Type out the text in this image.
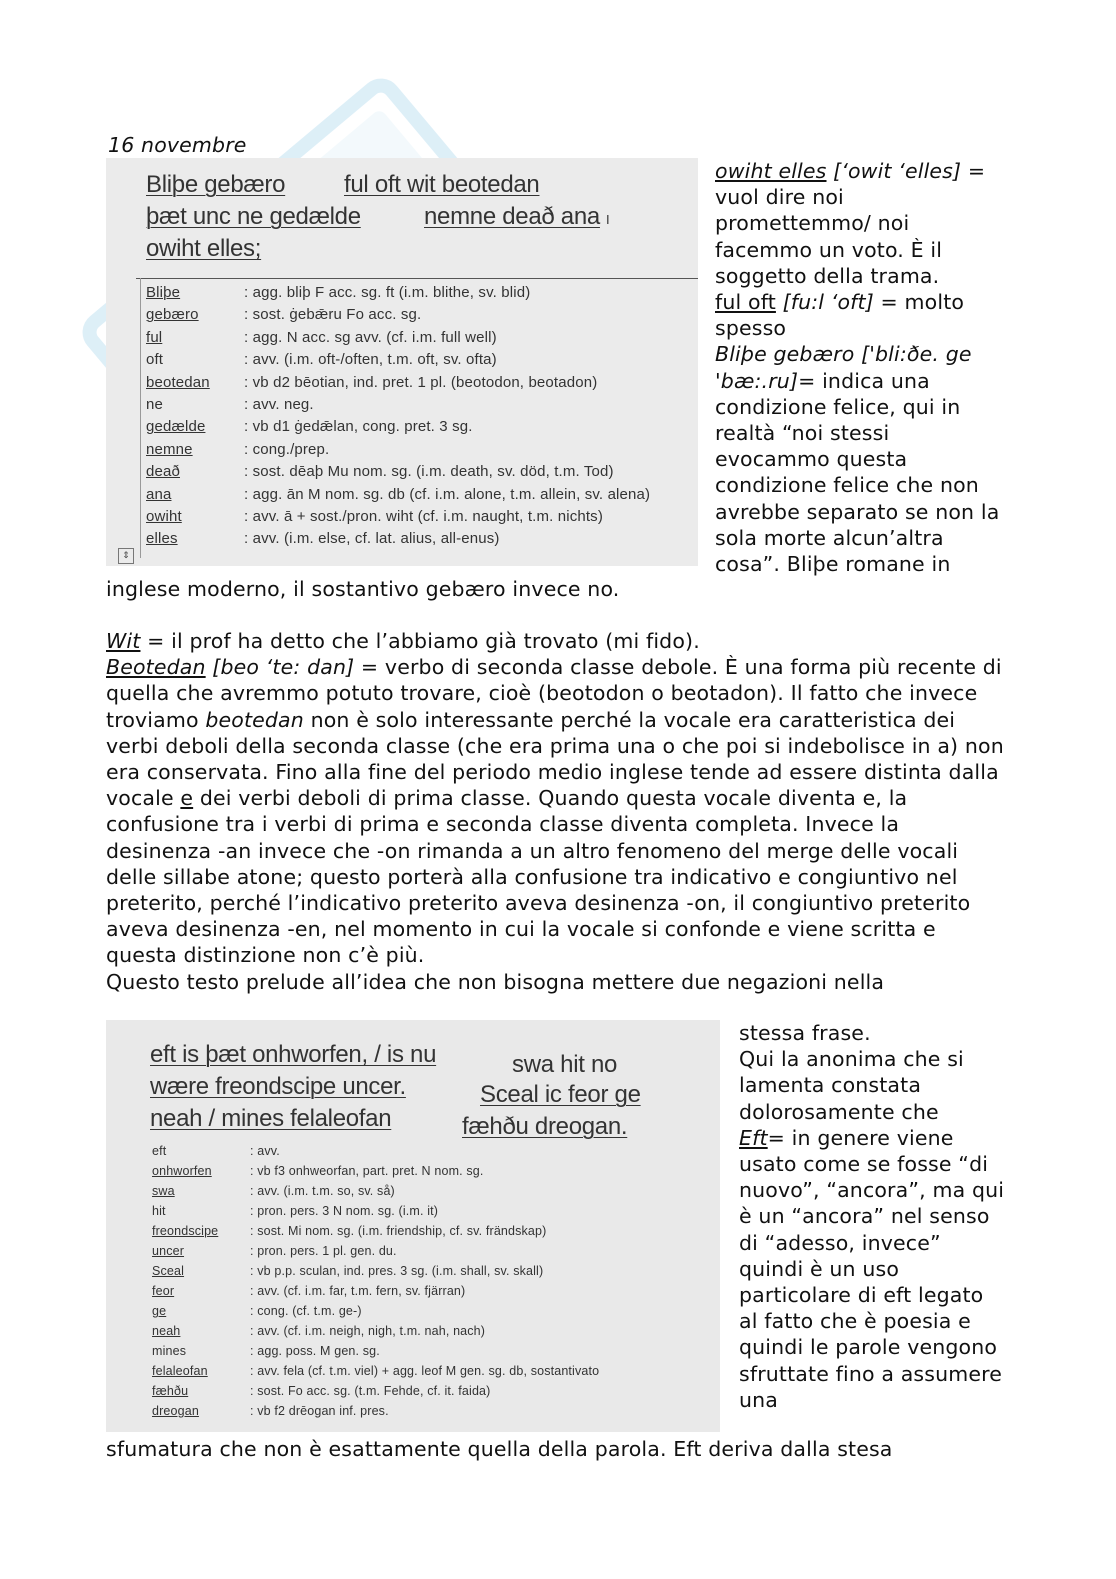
16 novembre
Bliþe gebæro ful oft wit beotedan
þæt unc ne gedælde	nemne deað ana I
owiht elles;
Bliþe	: agg. bliþ F acc. sg. ft (i.m. blithe, sv. blid)
gebæro	: sost. ġebǣru Fo acc. sg.
ful	: agg. N acc. sg avv. (cf. i.m. full well)
oft	: avv. (i.m. oft-/often, t.m. oft, sv. ofta)
beotedan : vb d2 bēotian, ind. pret. 1 pl. (beotodon, beotadon)
ne	: avv. neg.
gedælde	: vb d1 ġedǣlan, cong. pret. 3 sg.
nemne	: cong./prep.
deað	: sost. dēaþ Mu nom. sg. (i.m. death, sv. död, t.m. Tod)
ana	: agg. ān M nom. sg. db (cf. i.m. alone, t.m. allein, sv. alena)
owiht	: avv. ā + sost./pron. wiht (cf. i.m. naught, t.m. nichts)
elles	: avv. (i.m. else, cf. lat. alius, all-enus)
⇕

owiht elles [‘owit ‘elles] = vuol dire noi promettemmo/ noi facemmo un voto. È il soggetto della trama.

ful oft [fu:l ‘oft] = molto spesso

Bliþe gebæro ['bli:ðe. ge 'bæ:.ru]= indica una condizione felice, qui in realtà “noi stessi evocammo questa condizione felice che non avrebbe separato se non la sola morte alcun’altra cosa”. Bliþe romane in

inglese moderno, il sostantivo gebæro invece no.

Wit = il prof ha detto che l’abbiamo già trovato (mi fido).

Beotedan [beo ‘te: dan] = verbo di seconda classe debole. È una forma più recente di quella che avremmo potuto trovare, cioè (beotodon o beotadon). Il fatto che invece troviamo beotedan non è solo interessante perché la vocale era caratteristica dei verbi deboli della seconda classe (che era prima una o che poi si indebolisce in a) non era conservata. Fino alla fine del periodo medio inglese tende ad essere distinta dalla vocale e dei verbi deboli di prima classe. Quando questa vocale diventa e, la confusione tra i verbi di prima e seconda classe diventa completa. Invece la desinenza -an invece che -on rimanda a un altro fenomeno del merge delle vocali delle sillabe atone; questo porterà alla confusione tra indicativo e congiuntivo nel preterito, perché l’indicativo preterito aveva desinenza -on, il congiuntivo preterito aveva desinenza -en, nel momento in cui la vocale si confonde e viene scritta e questa distinzione non c’è più.

Questo testo prelude all’idea che non bisogna mettere due negazioni nella

eft is þæt onhworfen, / is nu	swa hit no
wære freondscipe uncer.	Sceal ic feor ge
neah / mines felaleofan	fæhðu dreogan.
eft	: avv.
onhworfen	: vb f3 onhweorfan, part. pret. N nom. sg.
swa	: avv. (i.m. t.m. so, sv. så)
hit	: pron. pers. 3 N nom. sg. (i.m. it)
freondscipe	: sost. Mi nom. sg. (i.m. friendship, cf. sv. frändskap)
uncer	: pron. pers. 1 pl. gen. du.
Sceal	: vb p.p. sculan, ind. pres. 3 sg. (i.m. shall, sv. skall)
feor	: avv. (cf. i.m. far, t.m. fern, sv. fjärran)
ge	: cong. (cf. t.m. ge-)
neah	: avv. (cf. i.m. neigh, nigh, t.m. nah, nach)
mines	: agg. poss. M gen. sg.
felaleofan	: avv. fela (cf. t.m. viel) + agg. leof M gen. sg. db, sostantivato
fæhðu	: sost. Fo acc. sg. (t.m. Fehde, cf. it. faida)
dreogan	: vb f2 drēogan inf. pres.

stessa frase.

Qui la anonima che si lamenta constata dolorosamente che

Eft= in genere viene usato come se fosse “di nuovo”, “ancora”, ma qui è un “ancora” nel senso di “adesso, invece” quindi è un uso particolare di eft legato al fatto che è poesia e quindi le parole vengono sfruttate fino a assumere una

sfumatura che non è esattamente quella della parola. Eft deriva dalla stesa
